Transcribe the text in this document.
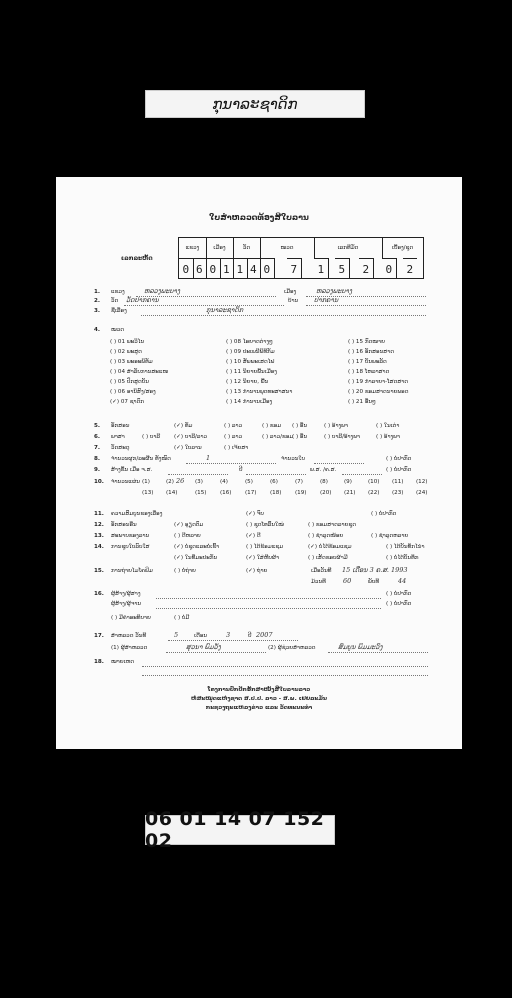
ກຸນາລະຊາດິກ
ໃບສຳຫລວດທ້ອງສີໃບລານ
ເລກລະຫັດ
ແຂວງ	ເມືອງ	ວັດ	ໝວດ	ເລກທີມັດ	ເບື້ອງ/ຊຸດ
0 6 0 1 1 4 0	7	1	5	2	0	2
1. ແຂວງ	ຫລວງພະບາງ	ເມືອງ	ຫລວງພະບາງ
2. ວັດ ວັດປາກຄານ	ບ້ານ ປາກຄານ
3. ຊື່ເລື່ອງ	ກຸນາລະຊາດິກ
4. ໝວດ
( ) 01 ພະວິໄນ	( ) 08 ໄອຍາດຕ່າງໆ	( ) 15 ກົດໝາຍ
( ) 02 ພະສູດ	( ) 09 ປະເພນີພິທີກັມ	( ) 16 ອັກສອນສາດ
( ) 03 ພະອະພິທັມ	( ) 10 ສັພພະເສດໄຟ	( ) 17 ບັນພະລັດ
( ) 04 ສຳລັບການສະແໜ	( ) 11 ນິຍາຍພື້ນເມືອງ	( ) 18 ໂຫລາສາດ
( ) 05 ປົກສູດບັນ	( ) 12 ນິຍາຍ, ພື້ນ	( ) 19 ກຳລາຍາ-ໂສດສາດ
( ) 06 ອານິສົງ/ສອງ	( ) 13 ກຳນານພຸດທະສາສນາ	( ) 20 ຂອມສາດນາຍພອດ
(✓) 07 ຊາດົກ	( ) 14 ກຳນານເມືອງ	( ) 21 ອື່ນໆ
5. ອັກສອນ	(✓) ທັມ	( ) ລາວ	( ) ຂອມ ( ) ອື່ນ	( ) ອ້າງພາ	( ) ໃນເຕ່າ
6. ພາສາ	( ) ບາລີ (✓) ບາລີ/ລາວ	( ) ລາວ	( ) ລາວ/ຂອມ
( ) ອື່ນ	( ) ບາລີ/ອ້າງພາ	( ) ອ້າງພາ
7. ວັດສະດຸ	(✓) ໃບລານ	( ) ເຈ້ຍສາ
8. ຈຳນວນຜູກ/ລະຜືນ ທັງໝົດ	1	ຈຳນວນໃບ	( ) ບໍ່ປາກົດ
9. ສ້າງຂຶ້ນ ເມື່ອ ຈ.ສ.	ປີ	ພ.ສ. /ຄ.ສ.	( ) ບໍ່ປາກົດ
10. ຈຳນວນແຜ່ນ (1)	(2) 26 (3)	(4)	(5)	(6)	(7)	(8)	(9)	(10) (11) (12)
(13) (14)	(15) (16) (17) (18) (19) (20) (21) (22) (23) (24)
11. ຄວາມສົມບູນຂອງເລື່ອງ	(✓) ຈົບ	( ) ບໍ່ປາກົດ
12. ອັກສອນອື່ນ	(✓) ອຸຽດຕົມ	( ) ຊຸດໂທລົ້ນໃໝ່	( ) ຂອມສາດລາຍຊຸດ
13. ສະພາບຂອງລານ	( ) ດີຫລາຍ	(✓) ດີ	( ) ຊຳລຸດໜ້ອຍ	( ) ຊຳລຸດຫລາຍ
14. ການຊຸບໃບລົບໃສ	(✓) ບໍ່ຊຸດແລະບໍ່ເຂົ້າ	( ) ໄດ້ຂ້ອມແຊມ	(✓) ບໍ່ໄດ້ຂ້ອມແຊມ	( ) ໄດ້ບັນທຶກໄນຳ
(✓) ໃນທີ່ມະປະກັນ	(✓) ໃສ່ຫີບຜ້າ	( ) ເສັດຂອບຜ້າມີ	( ) ບໍ່ໄດ້ບັນທຶກ
15. ການຖ່າຍໄມໂຄຟິມ	( ) ບໍ່ຖ່າຍ	(✓) ຖ່າຍ	ເມື່ອວັນທີ 15 ເດືອນ 3 ຄ.ສ. 1993
ມ້ວນທີ	60	ພັບທີ	44
16. ຜູ້ສ້າງ/ຜູ້ສາງ	( ) ບໍ່ປາກົດ
ຜູ້ສ້າງ/ຜູ້ຈານ	( ) ບໍ່ປາກົດ
( ) ມີຄຳອະທິບາຍ	( ) ບໍ່ມີ
17. ສຳຫລວດ ວັນທີ	5	ເດືອນ	3	ປີ 2007
(1) ຜູ້ສຳຫລວດ	ສຸວນາ ພົມວັງ	(2) ຜູ້ຊ່ວຍສຳຫລວດ	ສົມບູນ ພິມມະວົງ
18. ໝາຍເຫດ
ໂຄງການປົກປັກຮັກສາໜັງສືໃບລານລາວ
ຫໍສະໝຸດແຫ່ງຊາດ ສ.ປ.ປ. ລາວ - ສ.ພ. ເຢຍລະມັນ
ກະຊວງຖະແຫລງຂ່າວ ແລະ ວັດທະນະທຳ
06 01 14 07 152 02
